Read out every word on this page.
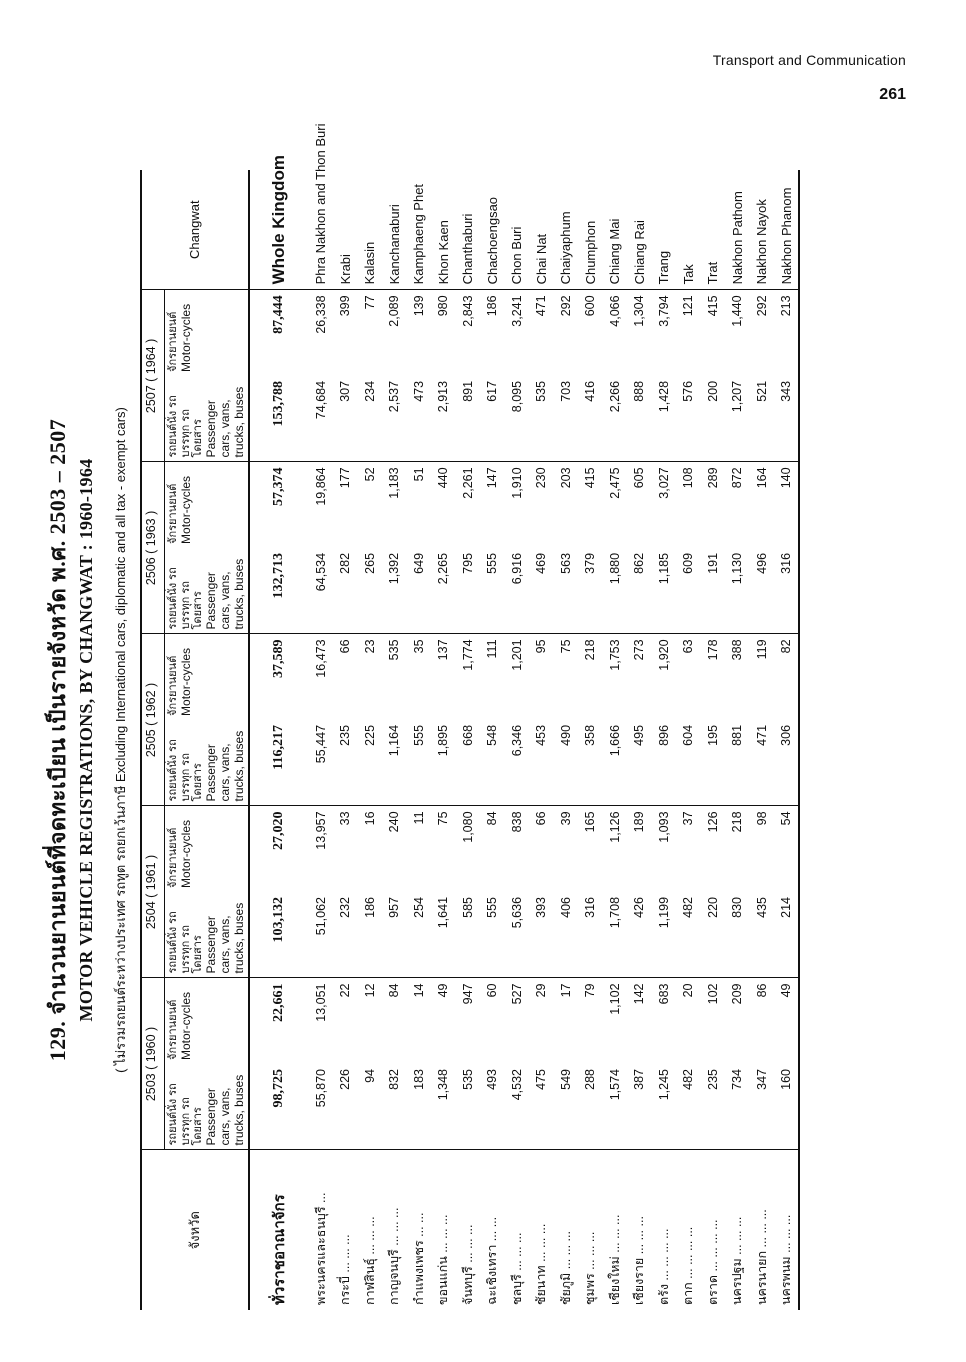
Transport and Communication
261
129. จำนวนยานยนต์ที่จดทะเบียน เป็นรายจังหวัด พ.ศ. 2503 – 2507 MOTOR VEHICLE REGISTRATIONS, BY CHANGWAT : 1960-1964 ( ไม่รวมรถยนต์ระหว่างประเทศ รถทูต รถยกเว้นภาษี Excluding International cars, diplomatic and all tax - exempt cars)
จังหวัด	2503 ( 1960 )		2504 ( 1961 )		2505 ( 1962 )		2506 ( 1963 )		2507 ( 1964 )		Changwat

	รถยนต์นั่ง รถบรรทุก รถโดยสาร Passenger cars, vans, trucks, buses	จักรยานยนต์ Motor-cycles	รถยนต์นั่ง รถบรรทุก รถโดยสาร Passenger cars, vans, trucks, buses	จักรยานยนต์ Motor-cycles	รถยนต์นั่ง รถบรรทุก รถโดยสาร Passenger cars, vans, trucks, buses	จักรยานยนต์ Motor-cycles	รถยนต์นั่ง รถบรรทุก รถโดยสาร Passenger cars, vans, trucks, buses	จักรยานยนต์ Motor-cycles	รถยนต์นั่ง รถบรรทุก รถโดยสาร Passenger cars, vans, trucks, buses	จักรยานยนต์ Motor-cycles	
ทั่วราชอาณาจักร	98,725	22,661	103,132	27,020	116,217	37,589	132,713	57,374	153,788	87,444	Whole Kingdom
พระนครและธนบุรี ...	55,870	13,051	51,062	13,957	55,447	16,473	64,534	19,864	74,684	26,338	Phra Nakhon and Thon Buri
กระบี่ ... ... ...	226	22	232	33	235	66	282	177	307	399	Krabi
กาฬสินธุ์ ... ... ...	94	12	186	16	225	23	265	52	234	77	Kalasin
กาญจนบุรี ... ... ...	832	84	957	240	1,164	535	1,392	1,183	2,537	2,089	Kanchanaburi
กำแพงเพชร ... ...	183	14	254	11	555	35	649	51	473	139	Kamphaeng Phet
ขอนแก่น ... ... ...	1,348	49	1,641	75	1,895	137	2,265	440	2,913	980	Khon Kaen
จันทบุรี ... ... ...	535	947	585	1,080	668	1,774	795	2,261	891	2,843	Chanthaburi
ฉะเชิงเทรา ... ...	493	60	555	84	548	111	555	147	617	186	Chachoengsao
ชลบุรี ... ... ...	4,532	527	5,636	838	6,346	1,201	6,916	1,910	8,095	3,241	Chon Buri
ชัยนาท ... ... ...	475	29	393	66	453	95	469	230	535	471	Chai Nat
ชัยภูมิ ... ... ...	549	17	406	39	490	75	563	203	703	292	Chaiyaphum
ชุมพร ... ... ...	288	79	316	165	358	218	379	415	416	600	Chumphon
เชียงใหม่ ... ... ...	1,574	1,102	1,708	1,126	1,666	1,753	1,880	2,475	2,266	4,066	Chiang Mai
เชียงราย ... ... ...	387	142	426	189	495	273	862	605	888	1,304	Chiang Rai
ตรัง ... ... ... ...	1,245	683	1,199	1,093	896	1,920	1,185	3,027	1,428	3,794	Trang
ตาก ... ... ... ...	482	20	482	37	604	63	609	108	576	121	Tak
ตราด ... ... ... ...	235	102	220	126	195	178	191	289	200	415	Trat
นครปฐม ... ... ...	734	209	830	218	881	388	1,130	872	1,207	1,440	Nakhon Pathom
นครนายก ... ... ...	347	86	435	98	471	119	496	164	521	292	Nakhon Nayok
นครพนม ... ... ...	160	49	214	54	306	82	316	140	343	213	Nakhon Phanom
